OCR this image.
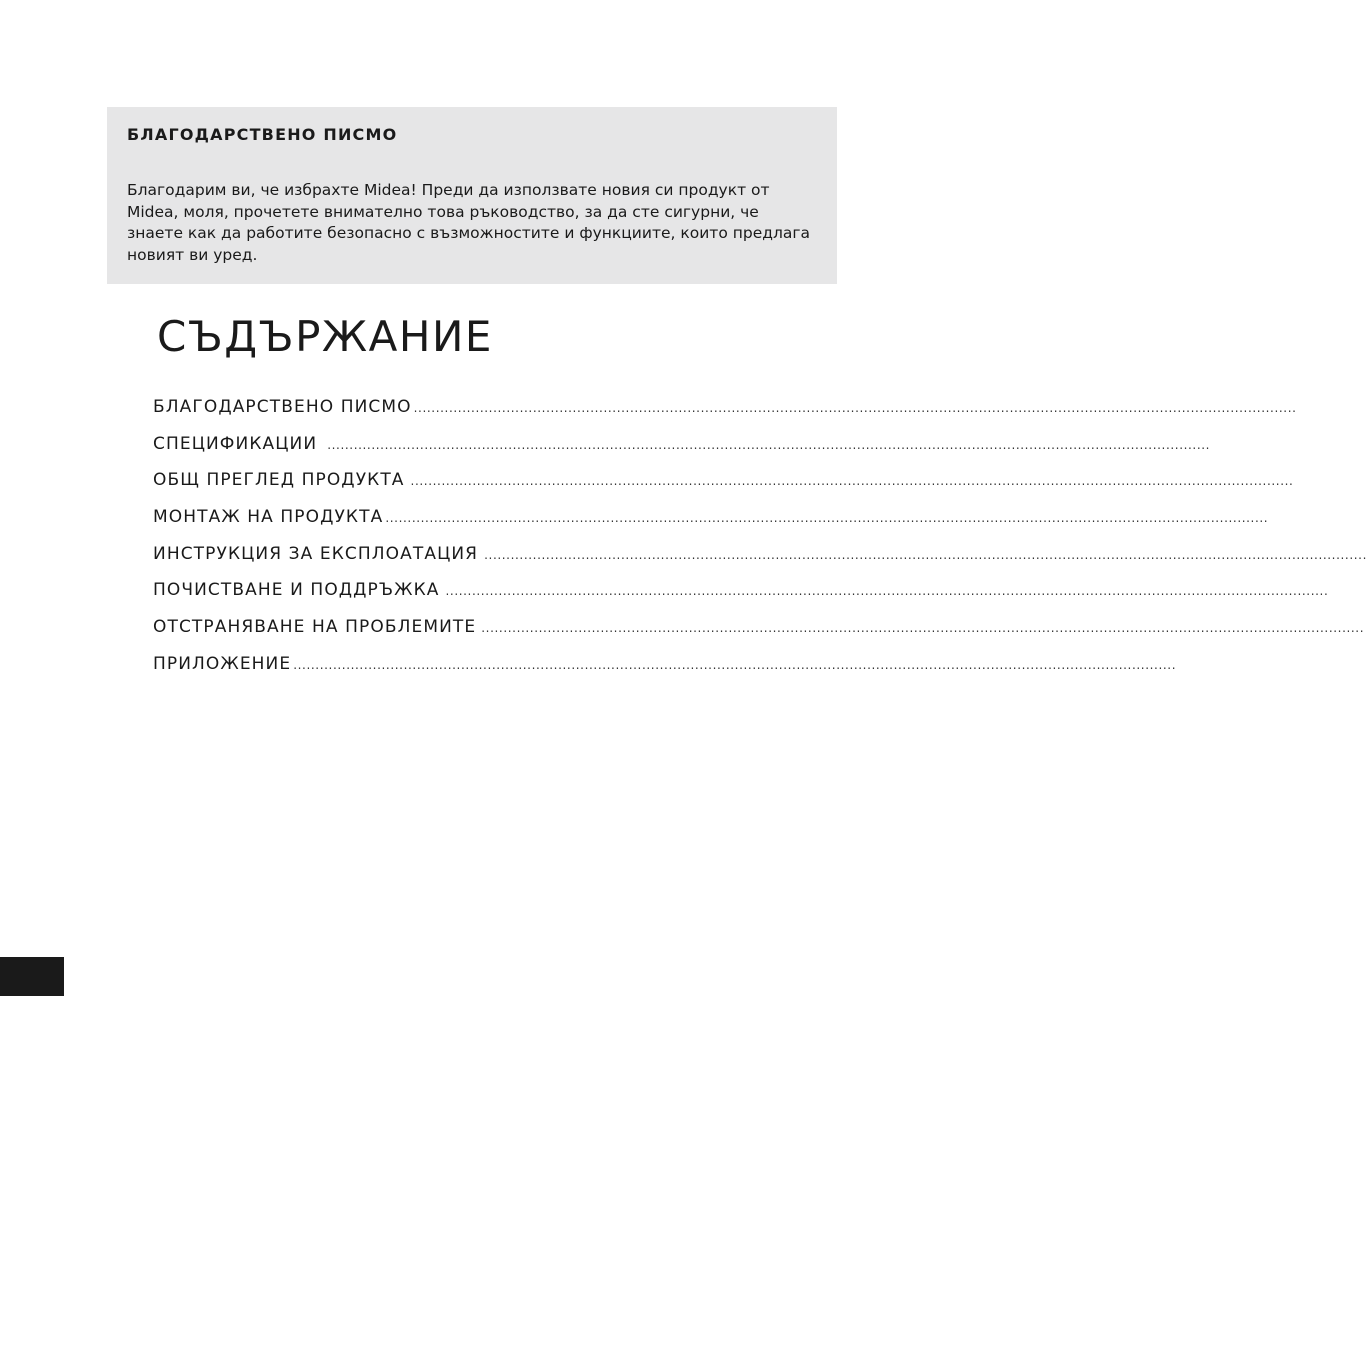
БЛАГОДАРСТВЕНО ПИСМО

Благодарим ви, че избрахте Midea! Преди да използвате новия си продукт от Midea, моля, прочетете внимателно това ръководство, за да сте сигурни, че знаете как да работите безопасно с възможностите и функциите, които предлага новият ви уред.

СЪДЪРЖАНИЕ
БЛАГОДАРСТВЕНО ПИСМО ........................................................................................................................................................................................................
СПЕЦИФИКАЦИИ ........................................................................................................................................................................................................
ОБЩ ПРЕГЛЕД ПРОДУКТА ........................................................................................................................................................................................................
МОНТАЖ НА ПРОДУКТА ........................................................................................................................................................................................................
ИНСТРУКЦИЯ ЗА ЕКСПЛОАТАЦИЯ ........................................................................................................................................................................................................
ПОЧИСТВАНЕ И ПОДДРЪЖКА ........................................................................................................................................................................................................
ОТСТРАНЯВАНЕ НА ПРОБЛЕМИТЕ ........................................................................................................................................................................................................
ПРИЛОЖЕНИЕ ........................................................................................................................................................................................................
